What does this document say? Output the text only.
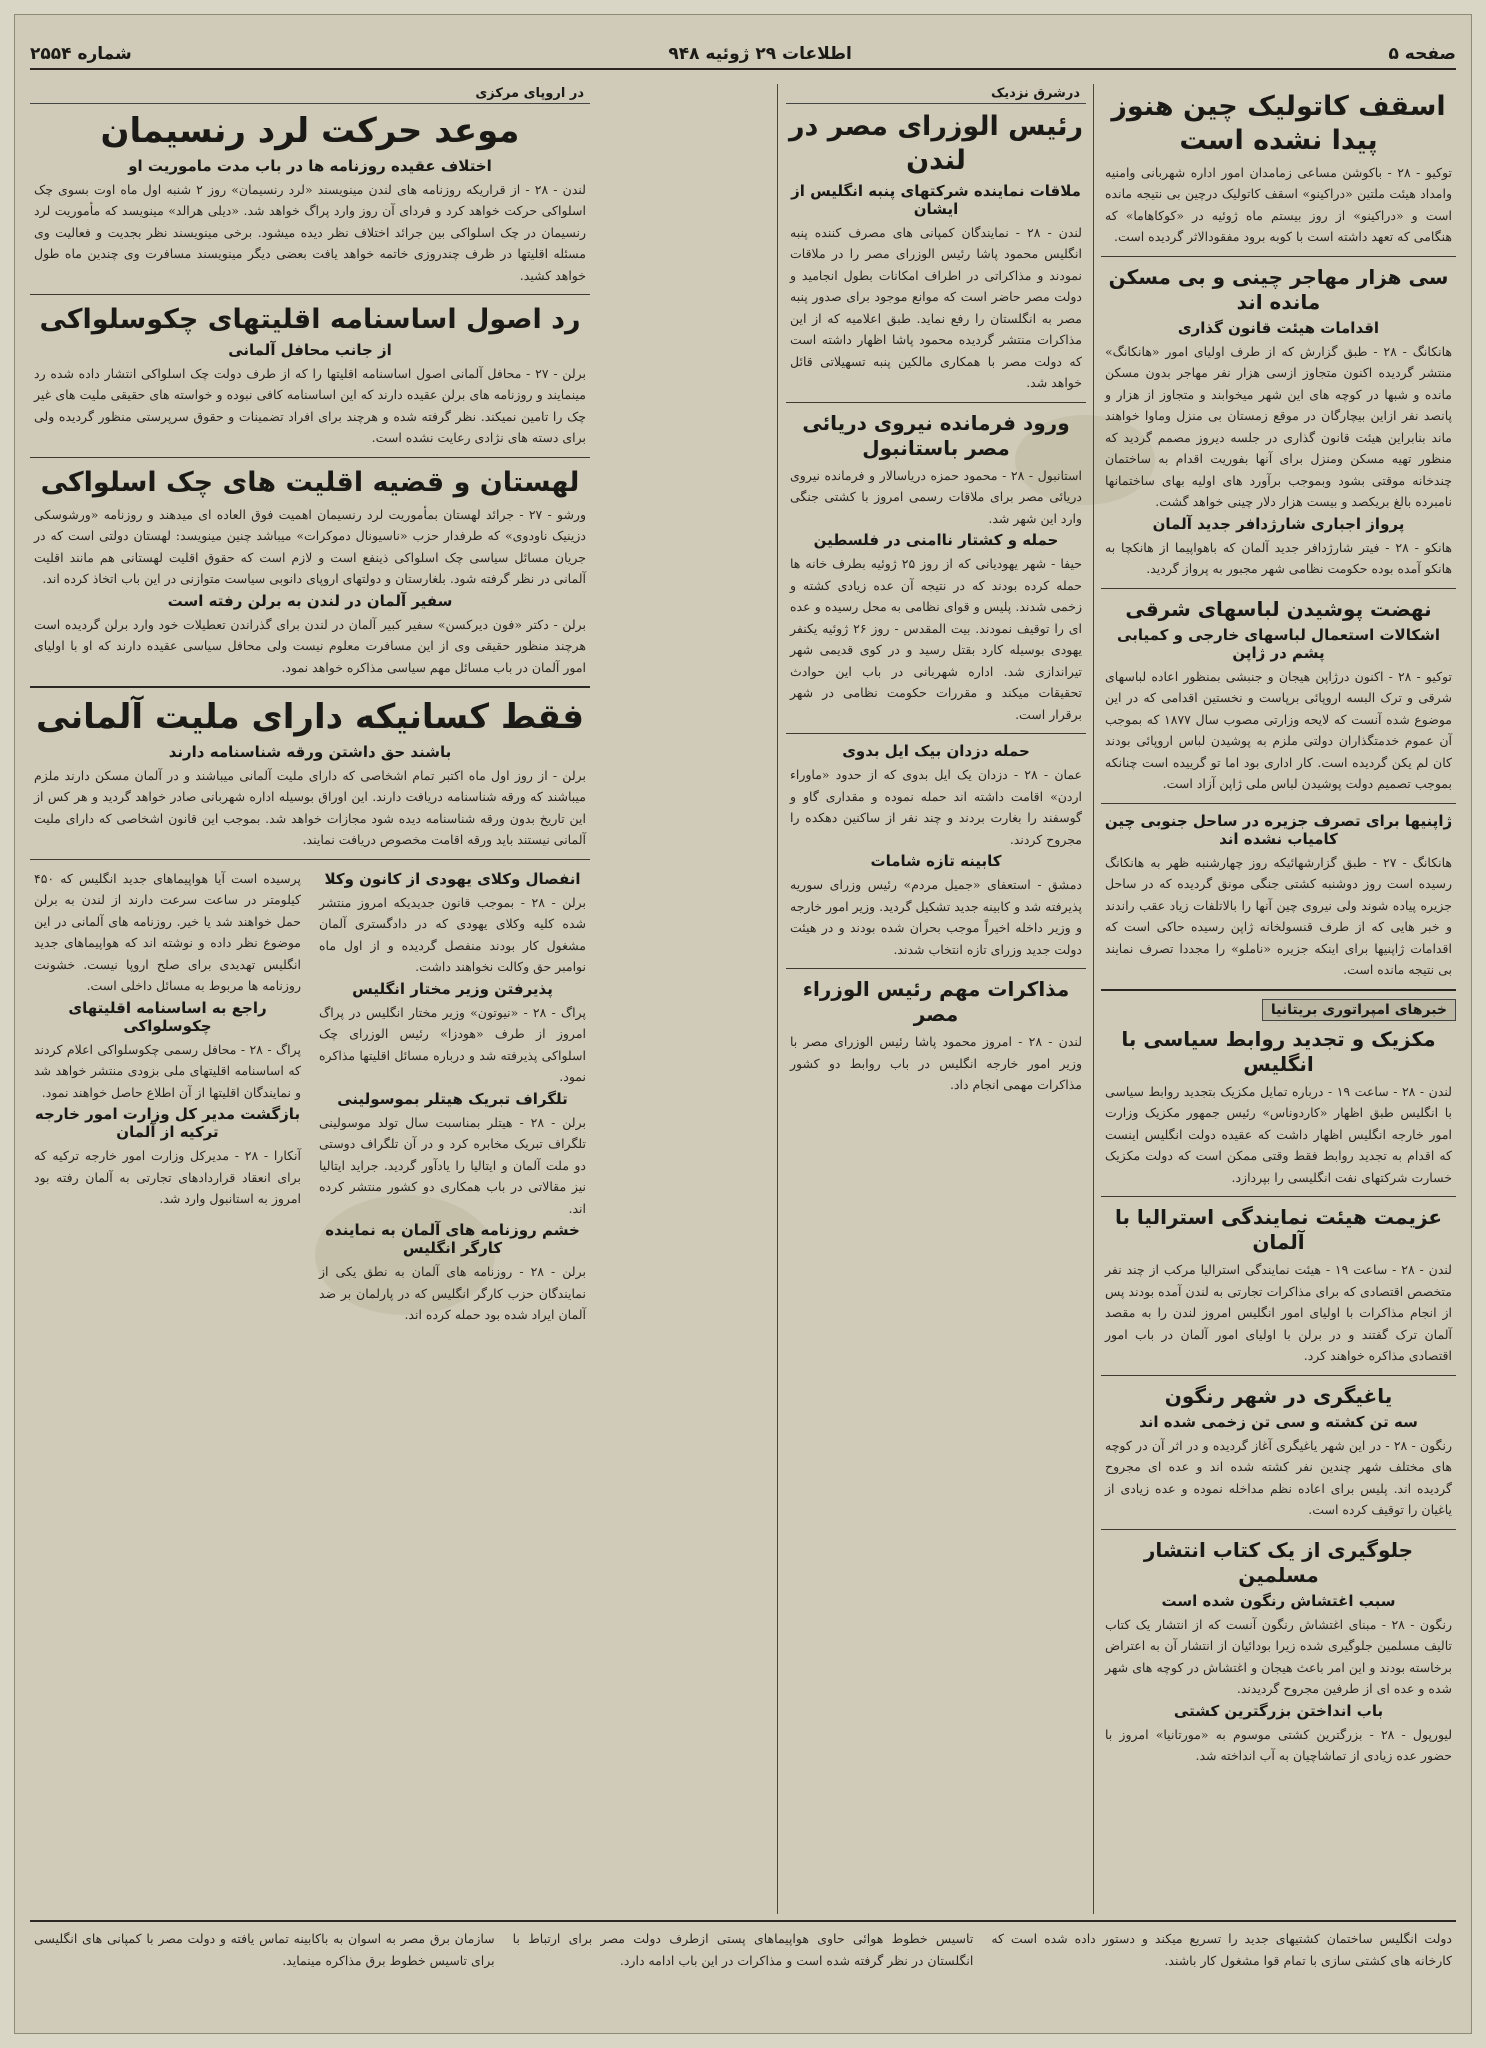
صفحه ۵
اطلاعات ۲۹ ژوئیه ۹۴۸
شماره ۲۵۵۴
اسقف کاتولیک چین هنوز پیدا نشده است
توکیو - ۲۸ - باکوشن مساعی زمامدان امور اداره شهربانی وامنیه وامداد هیئت ملتین «دراکینو» اسقف کاتولیک درچین بی نتیجه مانده است و «دراکینو» از روز بیستم ماه ژوئیه در «کوکاهاما» که هنگامی که تعهد داشته است با کوبه برود مفقودالاثر گردیده است.
سی هزار مهاجر چینی و بی مسکن مانده اند
اقدامات هیئت قانون گذاری
هانکانگ - ۲۸ - طبق گزارش که از طرف اولیای امور «هانکانگ» منتشر گردیده اکنون متجاوز ازسی هزار نفر مهاجر بدون مسکن مانده و شبها در کوچه های این شهر میخوابند و متجاوز از هزار و پانصد نفر ازاین بیچارگان در موقع زمستان بی منزل وماوا خواهند ماند بنابراین هیئت قانون گذاری در جلسه دیروز مصمم گردید که منظور تهیه مسکن ومنزل برای آنها بفوریت اقدام به ساختمان چندخانه موقتی بشود وبموجب برآورد های اولیه بهای ساختمانها نامبرده بالغ بریکصد و بیست هزار دلار چینی خواهد گشت.
پرواز اجباری شارژدافر جدید آلمان
هانکو - ۲۸ - فیتر شارژدافر جدید آلمان که باهواپیما از هانکچا به هانکو آمده بوده حکومت نظامی شهر مجبور به پرواز گردید.
نهضت پوشیدن لباسهای شرقی
اشکالات استعمال لباسهای خارجی و کمیابی پشم در ژاپن
توکیو - ۲۸ - اکنون درژاپن هیجان و جنبشی بمنظور اعاده لباسهای شرقی و ترک البسه اروپائی برپاست و نخستین اقدامی که در این موضوع شده آنست که لایحه وزارتی مصوب سال ۱۸۷۷ که بموجب آن عموم خدمتگذاران دولتی ملزم به پوشیدن لباس اروپائی بودند کان لم یکن گردیده است. کار اداری بود اما تو گرییده است چنانکه بموجب تصمیم دولت پوشیدن لباس ملی ژاپن آزاد است.
ژاپنیها برای تصرف جزیره در ساحل جنوبی چین کامیاب نشده اند
هانکانگ - ۲۷ - طبق گزارشهائیکه روز چهارشنبه ظهر به هانکانگ رسیده است روز دوشنبه کشتی جنگی مونق گردیده که در ساحل جزیره پیاده شوند ولی نیروی چین آنها را بالاتلفات زیاد عقب راندند و خبر هایی که از طرف قنسولخانه ژاپن رسیده حاکی است که اقدامات ژاپنیها برای اینکه جزیره «ناملو» را مجددا تصرف نمایند بی نتیجه مانده است.
خبرهای امپراتوری بریتانیا
مکزیک و تجدید روابط سیاسی با انگلیس
لندن - ۲۸ - ساعت ۱۹ - درباره تمایل مکزیک بتجدید روابط سیاسی با انگلیس طبق اظهار «کاردوناس» رئیس جمهور مکزیک وزارت امور خارجه انگلیس اظهار داشت که عقیده دولت انگلیس اینست که اقدام به تجدید روابط فقط وقتی ممکن است که دولت مکزیک خسارت شرکتهای نفت انگلیسی را بپردازد.
عزیمت هیئت نمایندگی استرالیا با آلمان
لندن - ۲۸ - ساعت ۱۹ - هیئت نمایندگی استرالیا مرکب از چند نفر متخصص اقتصادی که برای مذاکرات تجارتی به لندن آمده بودند پس از انجام مذاکرات با اولیای امور انگلیس امروز لندن را به مقصد آلمان ترک گفتند و در برلن با اولیای امور آلمان در باب امور اقتصادی مذاکره خواهند کرد.
یاغیگری در شهر رنگون
سه تن کشته و سی تن زخمی شده اند
رنگون - ۲۸ - در این شهر یاغیگری آغاز گردیده و در اثر آن در کوچه های مختلف شهر چندین نفر کشته شده اند و عده ای مجروح گردیده اند. پلیس برای اعاده نظم مداخله نموده و عده زیادی از یاغیان را توقیف کرده است.
جلوگیری از یک کتاب انتشار مسلمین
سبب اغتشاش رنگون شده است
رنگون - ۲۸ - مبنای اغتشاش رنگون آنست که از انتشار یک کتاب تالیف مسلمین جلوگیری شده زیرا بودائیان از انتشار آن به اعتراض برخاسته بودند و این امر باعث هیجان و اغتشاش در کوچه های شهر شده و عده ای از طرفین مجروح گردیدند.
باب انداختن بزرگترین کشتی
لیورپول - ۲۸ - بزرگترین کشتی موسوم به «مورتانیا» امروز با حضور عده زیادی از تماشاچیان به آب انداخته شد.
درشرق نزدیک
رئیس الوزرای مصر در لندن
ملاقات نماینده شرکتهای پنبه انگلیس از ایشان
لندن - ۲۸ - نمایندگان کمپانی های مصرف کننده پنبه انگلیس محمود پاشا رئیس الوزرای مصر را در ملاقات نمودند و مذاکراتی در اطراف امکانات بطول انجامید و دولت مصر حاضر است که موانع موجود برای صدور پنبه مصر به انگلستان را رفع نماید. طبق اعلامیه که از این مذاکرات منتشر گردیده محمود پاشا اظهار داشته است که دولت مصر با همکاری مالکین پنبه تسهیلاتی قائل خواهد شد.
ورود فرمانده نیروی دریائی مصر باستانبول
استانبول - ۲۸ - محمود حمزه دریاسالار و فرمانده نیروی دریائی مصر برای ملاقات رسمی امروز با کشتی جنگی وارد این شهر شد.
حمله و کشتار ناامنی در فلسطین
حیفا - شهر یهودیانی که از روز ۲۵ ژوئیه بطرف خانه ها حمله کرده بودند که در نتیجه آن عده زیادی کشته و زخمی شدند. پلیس و قوای نظامی به محل رسیده و عده ای را توقیف نمودند. بیت المقدس - روز ۲۶ ژوئیه یکنفر یهودی بوسیله کارد بقتل رسید و در کوی قدیمی شهر تیراندازی شد. اداره شهربانی در باب این حوادث تحقیقات میکند و مقررات حکومت نظامی در شهر برقرار است.
حمله دزدان بیک ایل بدوی
عمان - ۲۸ - دزدان یک ایل بدوی که از حدود «ماوراء اردن» اقامت داشته اند حمله نموده و مقداری گاو و گوسفند را بغارت بردند و چند نفر از ساکنین دهکده را مجروح کردند.
کابینه تازه شامات
دمشق - استعفای «جمیل مردم» رئیس وزرای سوریه پذیرفته شد و کابینه جدید تشکیل گردید. وزیر امور خارجه و وزیر داخله اخیراً موجب بحران شده بودند و در هیئت دولت جدید وزرای تازه انتخاب شدند.
مذاکرات مهم رئیس الوزراء مصر
لندن - ۲۸ - امروز محمود پاشا رئیس الوزرای مصر با وزیر امور خارجه انگلیس در باب روابط دو کشور مذاکرات مهمی انجام داد.
در اروپای مرکزی
موعد حرکت لرد رنسیمان
اختلاف عقیده روزنامه ها در باب مدت ماموریت او
لندن - ۲۸ - از قراریکه روزنامه های لندن مینویسند «لرد رنسیمان» روز ۲ شنبه اول ماه اوت بسوی چک اسلواکی حرکت خواهد کرد و فردای آن روز وارد پراگ خواهد شد. «دیلی هرالد» مینویسد که مأموریت لرد رنسیمان در چک اسلواکی بین جرائد اختلاف نظر دیده میشود. برخی مینویسند نظر بجدیت و فعالیت وی مسئله اقلیتها در ظرف چندروزی خاتمه خواهد یافت بعضی دیگر مینویسند مسافرت وی چندین ماه طول خواهد کشید.
رد اصول اساسنامه اقلیتهای چکوسلواکی
از جانب محافل آلمانی
برلن - ۲۷ - محافل آلمانی اصول اساسنامه اقلیتها را که از طرف دولت چک اسلواکی انتشار داده شده رد مینمایند و روزنامه های برلن عقیده دارند که این اساسنامه کافی نبوده و خواسته های حقیقی ملیت های غیر چک را تامین نمیکند. نظر گرفته شده و هرچند برای افراد تضمینات و حقوق سرپرستی منظور گردیده ولی برای دسته های نژادی رعایت نشده است.
لهستان و قضیه اقلیت های چک اسلواکی
ورشو - ۲۷ - جرائد لهستان بمأموریت لرد رنسیمان اهمیت فوق العاده ای میدهند و روزنامه «ورشوسکی دزینیک ناودوی» که طرفدار حزب «ناسیونال دموکرات» میباشد چنین مینویسد: لهستان دولتی است که در جریان مسائل سیاسی چک اسلواکی ذینفع است و لازم است که حقوق اقلیت لهستانی هم مانند اقلیت آلمانی در نظر گرفته شود. بلغارستان و دولتهای اروپای دانوبی سیاست متوازنی در این باب اتخاذ کرده اند.
سفیر آلمان در لندن به برلن رفته است
برلن - دکتر «فون دیرکسن» سفیر کبیر آلمان در لندن برای گذراندن تعطیلات خود وارد برلن گردیده است هرچند منظور حقیقی وی از این مسافرت معلوم نیست ولی محافل سیاسی عقیده دارند که او با اولیای امور آلمان در باب مسائل مهم سیاسی مذاکره خواهد نمود.
فقط کسانیکه دارای ملیت آلمانی
باشند حق داشتن ورقه شناسنامه دارند
برلن - از روز اول ماه اکتبر تمام اشخاصی که دارای ملیت آلمانی میباشند و در آلمان مسکن دارند ملزم میباشند که ورقه شناسنامه دریافت دارند. این اوراق بوسیله اداره شهربانی صادر خواهد گردید و هر کس از این تاریخ بدون ورقه شناسنامه دیده شود مجازات خواهد شد. بموجب این قانون اشخاصی که دارای ملیت آلمانی نیستند باید ورقه اقامت مخصوص دریافت نمایند.
انفصال وکلای یهودی از کانون وکلا
برلن - ۲۸ - بموجب قانون جدیدیکه امروز منتشر شده کلیه وکلای یهودی که در دادگستری آلمان مشغول کار بودند منفصل گردیده و از اول ماه نوامبر حق وکالت نخواهند داشت.
پذیرفتن وزیر مختار انگلیس
پراگ - ۲۸ - «نیوتون» وزیر مختار انگلیس در پراگ امروز از طرف «هودزا» رئیس الوزرای چک اسلواکی پذیرفته شد و درباره مسائل اقلیتها مذاکره نمود.
تلگراف تبریک هیتلر بموسولینی
برلن - ۲۸ - هیتلر بمناسبت سال تولد موسولینی تلگراف تبریک مخابره کرد و در آن تلگراف دوستی دو ملت آلمان و ایتالیا را یادآور گردید. جراید ایتالیا نیز مقالاتی در باب همکاری دو کشور منتشر کرده اند.
خشم روزنامه های آلمان به نماینده کارگر انگلیس
برلن - ۲۸ - روزنامه های آلمان به نطق یکی از نمایندگان حزب کارگر انگلیس که در پارلمان بر ضد آلمان ایراد شده بود حمله کرده اند.
پرسیده است آیا هواپیماهای جدید انگلیس که ۴۵۰ کیلومتر در ساعت سرعت دارند از لندن به برلن حمل خواهند شد یا خیر. روزنامه های آلمانی در این موضوع نظر داده و نوشته اند که هواپیماهای جدید انگلیس تهدیدی برای صلح اروپا نیست. خشونت روزنامه ها مربوط به مسائل داخلی است.
راجع به اساسنامه اقلیتهای چکوسلواکی
پراگ - ۲۸ - محافل رسمی چکوسلواکی اعلام کردند که اساسنامه اقلیتهای ملی بزودی منتشر خواهد شد و نمایندگان اقلیتها از آن اطلاع حاصل خواهند نمود.
بازگشت مدیر کل وزارت امور خارجه ترکیه از آلمان
آنکارا - ۲۸ - مدیرکل وزارت امور خارجه ترکیه که برای انعقاد قراردادهای تجارتی به آلمان رفته بود امروز به استانبول وارد شد.
دولت انگلیس ساختمان کشتیهای جدید را تسریع میکند و دستور داده شده است که کارخانه های کشتی سازی با تمام قوا مشغول کار باشند.
تاسیس خطوط هوائی حاوی هواپیماهای پستی ازطرف دولت مصر برای ارتباط با انگلستان در نظر گرفته شده است و مذاکرات در این باب ادامه دارد.
سازمان برق مصر به اسوان به باکابینه تماس یافته و دولت مصر با کمپانی های انگلیسی برای تاسیس خطوط برق مذاکره مینماید.
